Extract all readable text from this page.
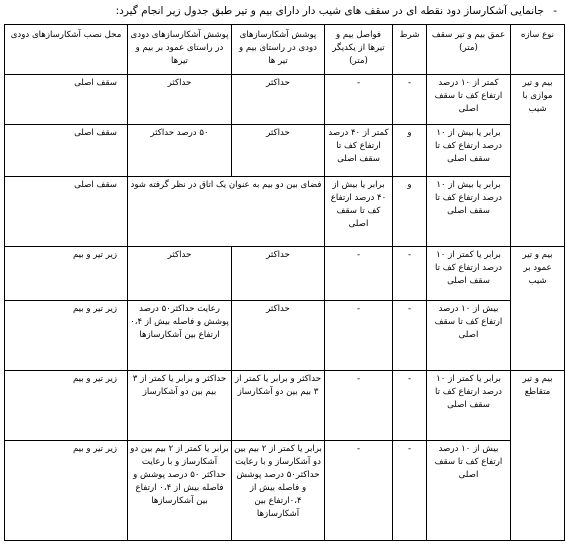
- جانمایی آشکارساز دود نقطه ای در سقف های شیب دار دارای بیم و تیر طبق جدول زیر انجام گیرد:
نوع سازه	عمق بیم و تیر سقف (متر)	شرط	فواصل بیم و تیرها از یکدیگر (متر)	پوشش آشکارسازهای دودی در راستای بیم و تیر ها	پوشش آشکارسازهای دودی در راستای عمود بر بیم و تیرها	محل نصب آشکارسازهای دودی
بیم و تیر موازی با شیب	کمتر از ۱۰ درصد ارتفاع کف تا سقف اصلی	-	-	حداکثر	حداکثر	سقف اصلی
	برابر یا بیش از ۱۰ درصد ارتفاع کف تا سقف اصلی	و	کمتر از ۴۰ درصد ارتفاع کف تا سقف اصلی	حداکثر	۵۰ درصد حداکثر	سقف اصلی
	برابر یا بیش از ۱۰ درصد ارتفاع کف تا سقف اصلی	و	برابر یا بیش از ۴۰ درصد ارتفاع کف تا سقف اصلی	فضای بین دو بیم به عنوان یک اتاق در نظر گرفته شود		سقف اصلی
بیم و تیر عمود بر شیب	برابر یا کمتر از ۱۰ درصد ارتفاع کف تا سقف اصلی	-	-	حداکثر	حداکثر	زیر تیر و بیم
	بیش از ۱۰ درصد ارتفاع کف تا سقف اصلی	-	-	حداکثر	رعایت حداکثر۵۰ درصد پوشش و فاصله بیش از ۰،۴ ارتفاع بین آشکارسازها	زیر تیر و بیم
بیم و تیر متقاطع	برابر یا کمتر از ۱۰ درصد ارتفاع کف تا سقف اصلی	-	-	حداکثر و برابر یا کمتر از ۳ بیم بین دو آشکارساز	حداکثر و برابر یا کمتر از ۳ بیم بین دو آشکارساز	زیر تیر و بیم
	بیش از ۱۰ درصد ارتفاع کف تا سقف اصلی	-	-	برابر یا کمتر از ۲ بیم بین دو آشکارساز و با رعایت حداکثر۵۰ درصد پوشش و فاصله بیش از ۰،۴ارتفاع بین آشکارسازها	برابر یا کمتر از ۲ بیم بین دو آشکارساز و با رعایت حداکثر ۵۰ درصد پوشش و فاصله بیش از ۰،۴ ارتفاع بین آشکارسازها	زیر تیر و بیم
